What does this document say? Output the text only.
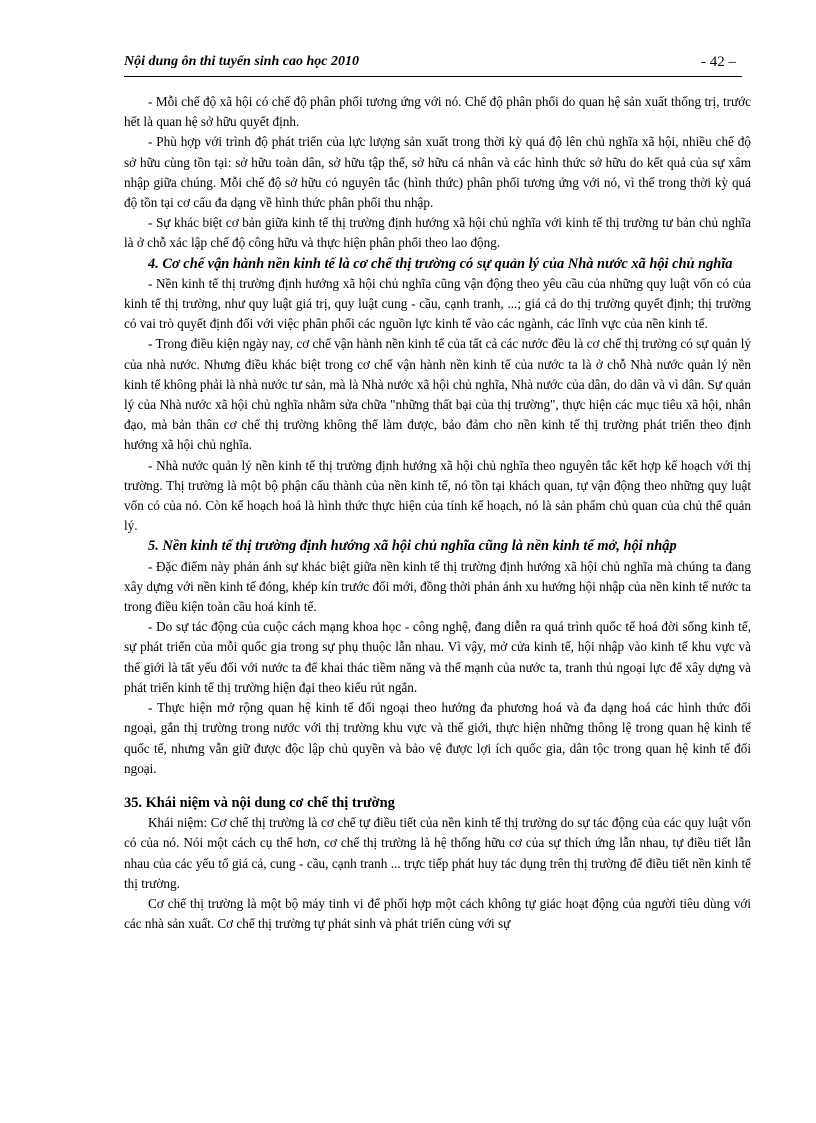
Nội dung ôn thi tuyển sinh cao học 2010	- 42 –

- Mỗi chế độ xã hội có chế độ phân phối tương ứng với nó. Chế độ phân phối do quan hệ sản xuất thống trị, trước hết là quan hệ sở hữu quyết định.

- Phù hợp với trình độ phát triển của lực lượng sản xuất trong thời kỳ quá độ lên chủ nghĩa xã hội, nhiều chế độ sở hữu cùng tồn tại: sở hữu toàn dân, sở hữu tập thể, sở hữu cá nhân và các hình thức sở hữu do kết quả của sự xâm nhập giữa chúng. Mỗi chế độ sở hữu có nguyên tắc (hình thức) phân phối tương ứng với nó, vì thế trong thời kỳ quá độ tồn tại cơ cấu đa dạng về hình thức phân phối thu nhập.

- Sự khác biệt cơ bản giữa kinh tế thị trường định hướng xã hội chủ nghĩa với kinh tế thị trường tư bản chủ nghĩa là ở chỗ xác lập chế độ công hữu và thực hiện phân phối theo lao động.

4. Cơ chế vận hành nền kinh tế là cơ chế thị trường có sự quản lý của Nhà nước xã hội chủ nghĩa

- Nền kinh tế thị trường định hướng xã hội chủ nghĩa cũng vận động theo yêu cầu của những quy luật vốn có của kinh tế thị trường, như quy luật giá trị, quy luật cung - cầu, cạnh tranh, ...; giá cả do thị trường quyết định; thị trường có vai trò quyết định đối với việc phân phối các nguồn lực kinh tế vào các ngành, các lĩnh vực của nền kinh tế.

- Trong điều kiện ngày nay, cơ chế vận hành nền kinh tế của tất cả các nước đều là cơ chế thị trường có sự quản lý của nhà nước. Nhưng điều khác biệt trong cơ chế vận hành nền kinh tế của nước ta là ở chỗ Nhà nước quản lý nền kinh tế không phải là nhà nước tư sản, mà là Nhà nước xã hội chủ nghĩa, Nhà nước của dân, do dân và vì dân. Sự quản lý của Nhà nước xã hội chủ nghĩa nhằm sửa chữa "những thất bại của thị trường", thực hiện các mục tiêu xã hội, nhân đạo, mà bản thân cơ chế thị trường không thể làm được, bảo đảm cho nền kinh tế thị trường phát triển theo định hướng xã hội chủ nghĩa.

- Nhà nước quản lý nền kinh tế thị trường định hướng xã hội chủ nghĩa theo nguyên tắc kết hợp kế hoạch với thị trường. Thị trường là một bộ phận cấu thành của nền kinh tế, nó tồn tại khách quan, tự vận động theo những quy luật vốn có của nó. Còn kế hoạch hoá là hình thức thực hiện của tính kế hoạch, nó là sản phẩm chủ quan của chủ thể quản lý.

5. Nền kinh tế thị trường định hướng xã hội chủ nghĩa cũng là nền kinh tế mở, hội nhập

- Đặc điểm này phản ánh sự khác biệt giữa nền kinh tế thị trường định hướng xã hội chủ nghĩa mà chúng ta đang xây dựng với nền kinh tế đóng, khép kín trước đổi mới, đồng thời phản ánh xu hướng hội nhập của nền kinh tế nước ta trong điều kiện toàn cầu hoá kinh tế.

- Do sự tác động của cuộc cách mạng khoa học - công nghệ, đang diễn ra quá trình quốc tế hoá đời sống kinh tế, sự phát triển của mỗi quốc gia trong sự phụ thuộc lẫn nhau. Vì vậy, mở cửa kinh tế, hội nhập vào kinh tế khu vực và thế giới là tất yếu đối với nước ta để khai thác tiềm năng và thế mạnh của nước ta, tranh thủ ngoại lực để xây dựng và phát triển kinh tế thị trường hiện đại theo kiểu rút ngắn.

- Thực hiện mở rộng quan hệ kinh tế đối ngoại theo hướng đa phương hoá và đa dạng hoá các hình thức đối ngoại, gắn thị trường trong nước với thị trường khu vực và thế giới, thực hiện những thông lệ trong quan hệ kinh tế quốc tế, nhưng vẫn giữ được độc lập chủ quyền và bảo vệ được lợi ích quốc gia, dân tộc trong quan hệ kinh tế đối ngoại.

35. Khái niệm và nội dung cơ chế thị trường

Khái niệm: Cơ chế thị trường là cơ chế tự điều tiết của nền kinh tế thị trường do sự tác động của các quy luật vốn có của nó. Nói một cách cụ thể hơn, cơ chế thị trường là hệ thống hữu cơ của sự thích ứng lẫn nhau, tự điều tiết lẫn nhau của các yếu tố giá cả, cung - cầu, cạnh tranh ... trực tiếp phát huy tác dụng trên thị trường để điều tiết nền kinh tế thị trường.

Cơ chế thị trường là một bộ máy tinh vi để phối hợp một cách không tự giác hoạt động của người tiêu dùng với các nhà sản xuất. Cơ chế thị trường tự phát sinh và phát triển cùng với sự
